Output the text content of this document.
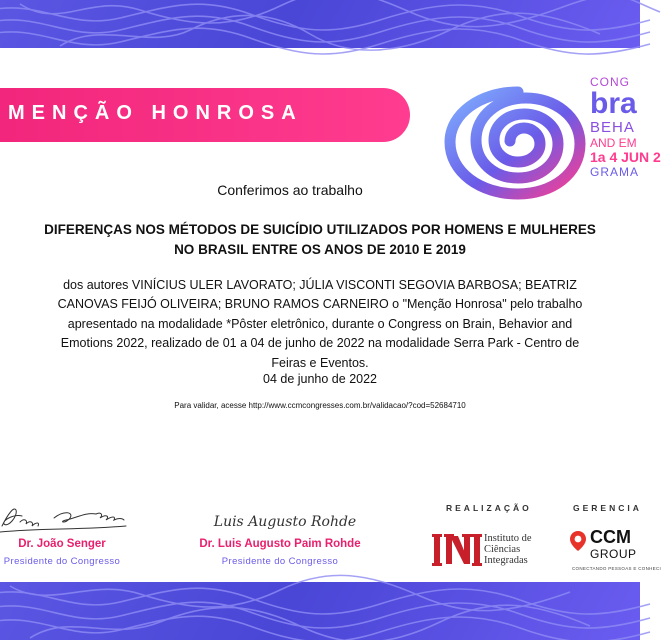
MENÇÃO HONROSA
CONG
bra
BEHA
AND EM
1a 4 JUN 2
GRAMA
Conferimos ao trabalho
DIFERENÇAS NOS MÉTODOS DE SUICÍDIO UTILIZADOS POR HOMENS E MULHERES NO BRASIL ENTRE OS ANOS DE 2010 E 2019
dos autores VINÍCIUS ULER LAVORATO; JÚLIA VISCONTI SEGOVIA BARBOSA; BEATRIZ CANOVAS FEIJÓ OLIVEIRA; BRUNO RAMOS CARNEIRO o "Menção Honrosa" pelo trabalho apresentado na modalidade *Pôster eletrônico, durante o Congress on Brain, Behavior and Emotions 2022, realizado de 01 a 04 de junho de 2022 na modalidade Serra Park - Centro de Feiras e Eventos.
04 de junho de 2022
Para validar, acesse http://www.ccmcongresses.com.br/validacao/?cod=52684710
Dr. João Senger
Presidente do Congresso
Luis Augusto Rohde
Dr. Luis Augusto Paim Rohde
Presidente do Congresso
REALIZAÇÃO
Instituto de
Ciências
Integradas
GERENCIA
CCM
GROUP
CONECTANDO PESSOAS E CONHECI
